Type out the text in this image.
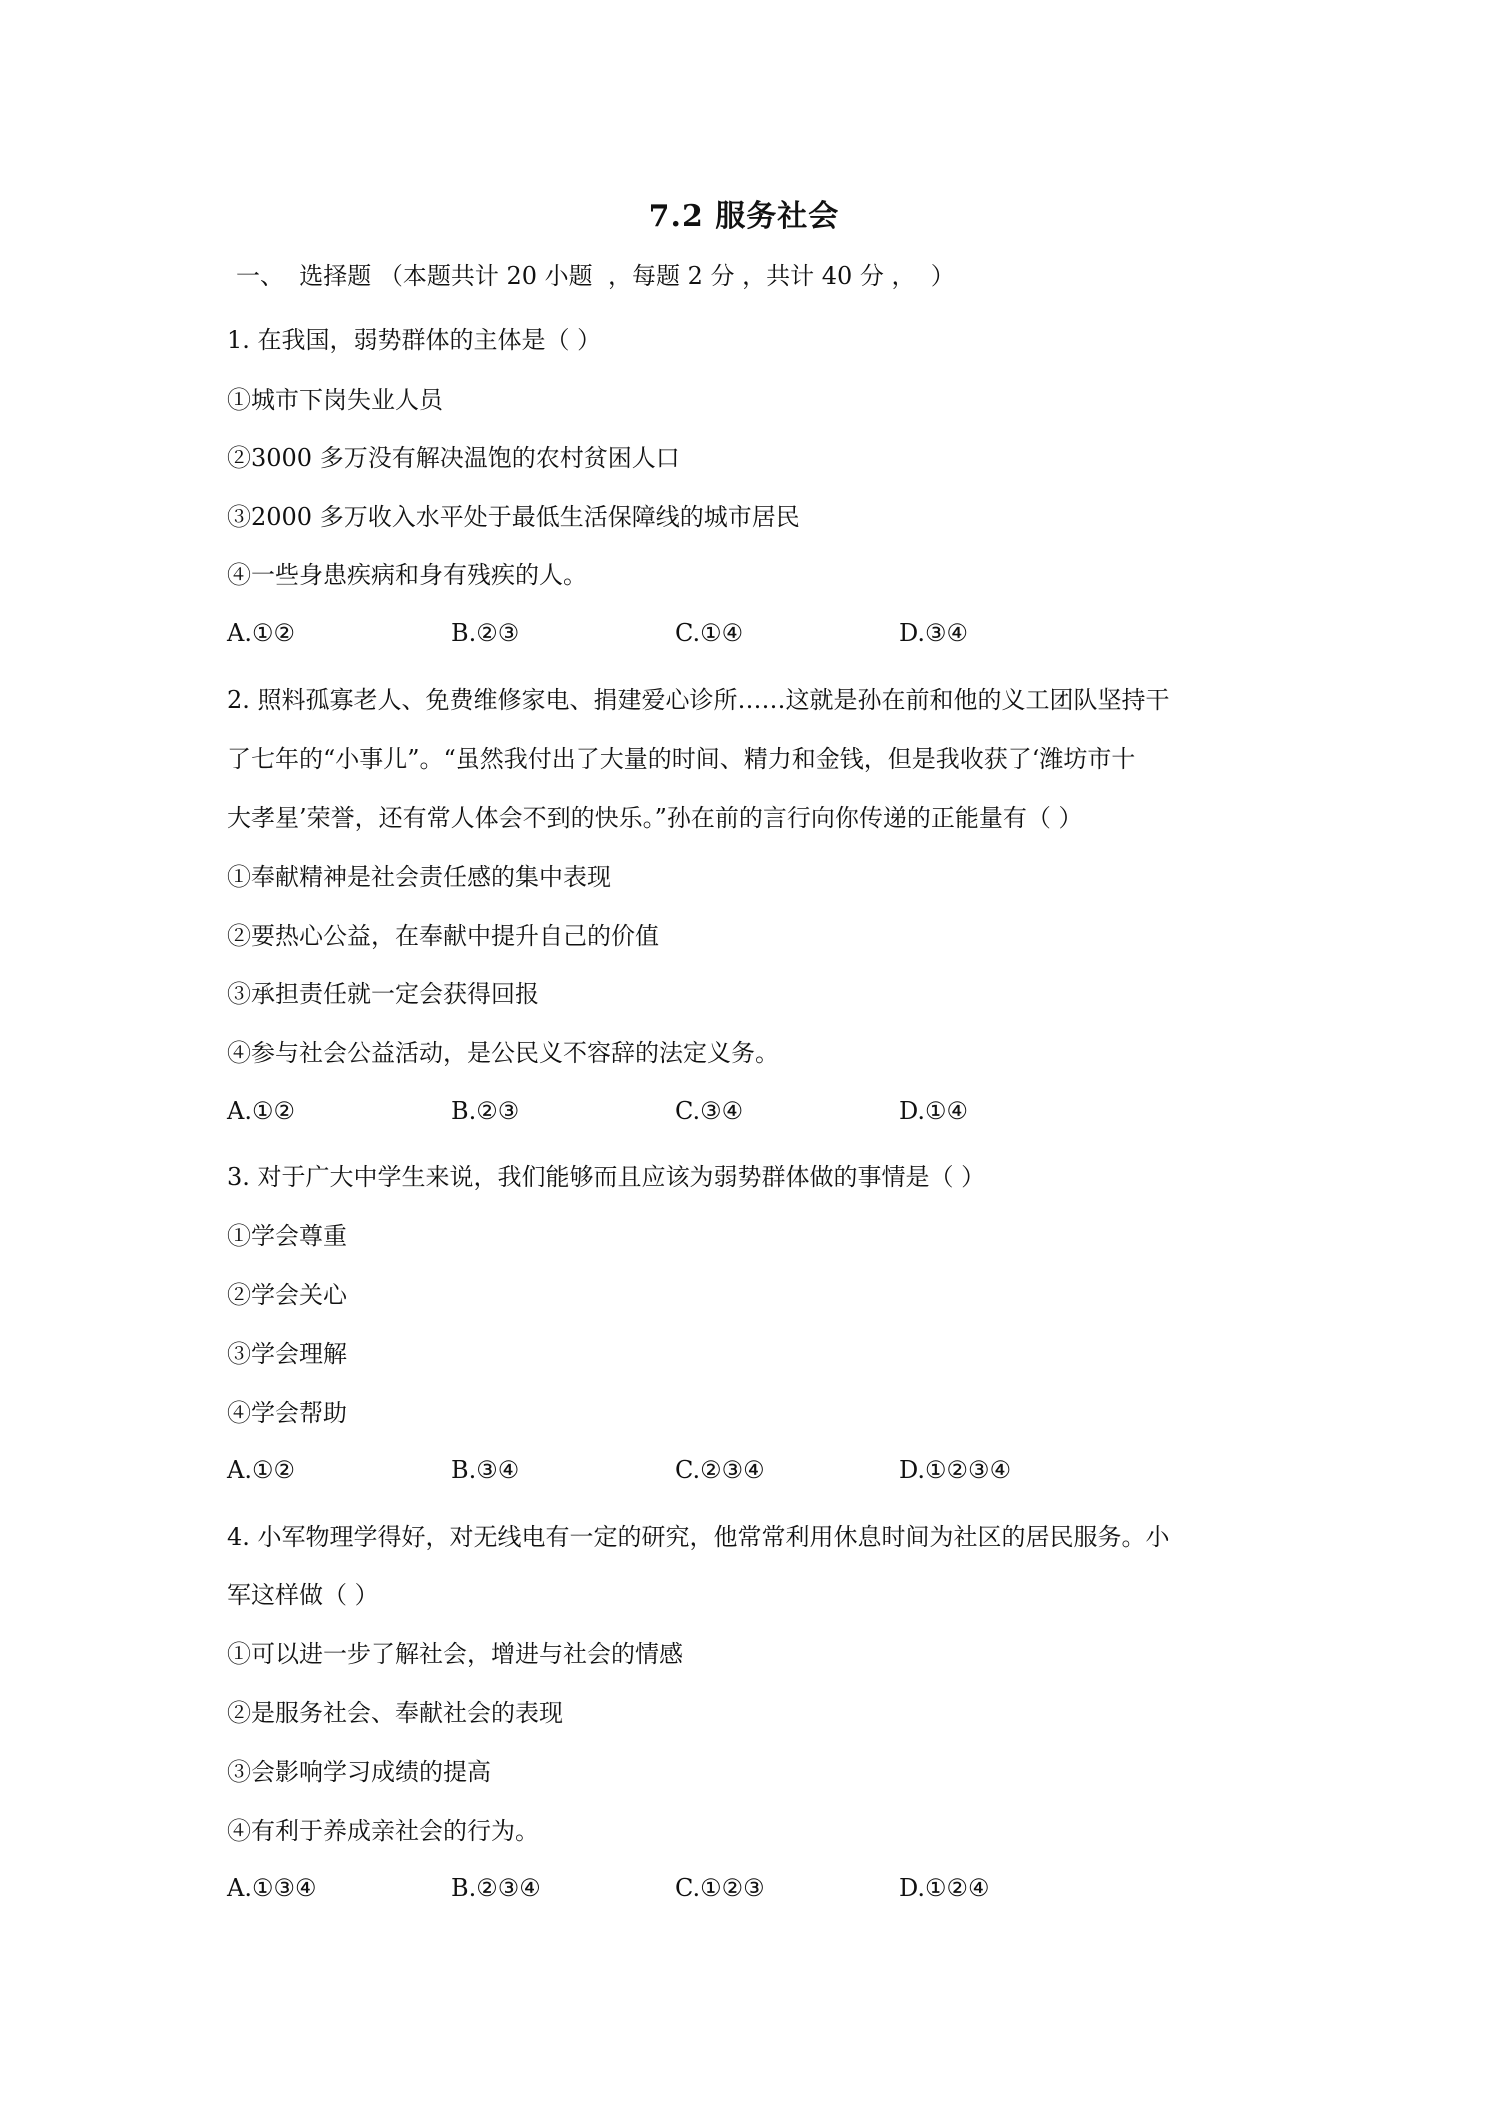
7.2 服务社会
一、  选择题 （本题共计 20 小题  ，每题 2 分 ，共计 40 分 ，  ）
1. 在我国，弱势群体的主体是（ ）
①城市下岗失业人员
②3000 多万没有解决温饱的农村贫困人口
③2000 多万收入水平处于最低生活保障线的城市居民
④一些身患疾病和身有残疾的人。
A.①②	B.②③	C.①④	D.③④
2. 照料孤寡老人、免费维修家电、捐建爱心诊所……这就是孙在前和他的义工团队坚持干
了七年的“小事儿”。“虽然我付出了大量的时间、精力和金钱，但是我收获了‘潍坊市十
大孝星’荣誉，还有常人体会不到的快乐。”孙在前的言行向你传递的正能量有（ ）
①奉献精神是社会责任感的集中表现
②要热心公益，在奉献中提升自己的价值
③承担责任就一定会获得回报
④参与社会公益活动，是公民义不容辞的法定义务。
A.①②	B.②③	C.③④	D.①④
3. 对于广大中学生来说，我们能够而且应该为弱势群体做的事情是（ ）
①学会尊重
②学会关心
③学会理解
④学会帮助
A.①②	B.③④	C.②③④	D.①②③④
4. 小军物理学得好，对无线电有一定的研究，他常常利用休息时间为社区的居民服务。小
军这样做（ ）
①可以进一步了解社会，增进与社会的情感
②是服务社会、奉献社会的表现
③会影响学习成绩的提高
④有利于养成亲社会的行为。
A.①③④	B.②③④	C.①②③	D.①②④
